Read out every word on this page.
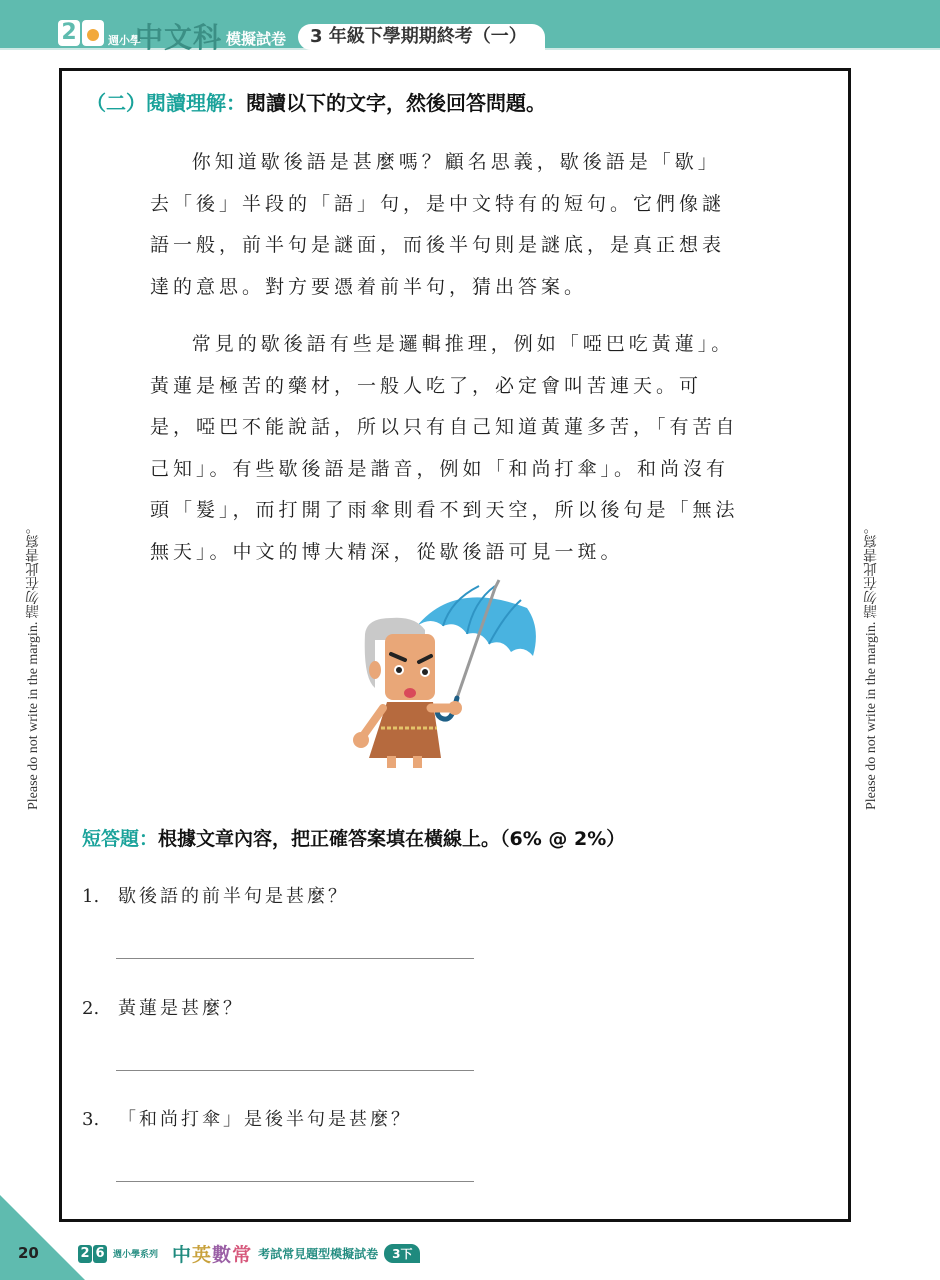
2	週小學
中文科 模擬試卷	3 年級下學期期終考（一）
Please do not write in the margin. 請勿在此書寫。	Please do not write in the margin. 請勿在此書寫。
（二）閱讀理解：閱讀以下的文字，然後回答問題。

你知道歇後語是甚麼嗎？顧名思義，歇後語是「歇」去「後」半段的「語」句，是中文特有的短句。它們像謎語一般，前半句是謎面，而後半句則是謎底，是真正想表達的意思。對方要憑着前半句，猜出答案。

常見的歇後語有些是邏輯推理，例如「啞巴吃黃蓮」。黃蓮是極苦的藥材，一般人吃了，必定會叫苦連天。可是，啞巴不能說話，所以只有自己知道黃蓮多苦，「有苦自己知」。有些歇後語是諧音，例如「和尚打傘」。和尚沒有頭「髮」，而打開了雨傘則看不到天空，所以後句是「無法無天」。中文的博大精深，從歇後語可見一斑。

短答題：根據文章內容，把正確答案填在橫線上。（6% @ 2%）
1. 歇後語的前半句是甚麼？
2. 黃蓮是甚麼？
3. 「和尚打傘」是後半句是甚麼？
20	2 6 週小學系列 中英數常 考試常見題型模擬試卷	3下
